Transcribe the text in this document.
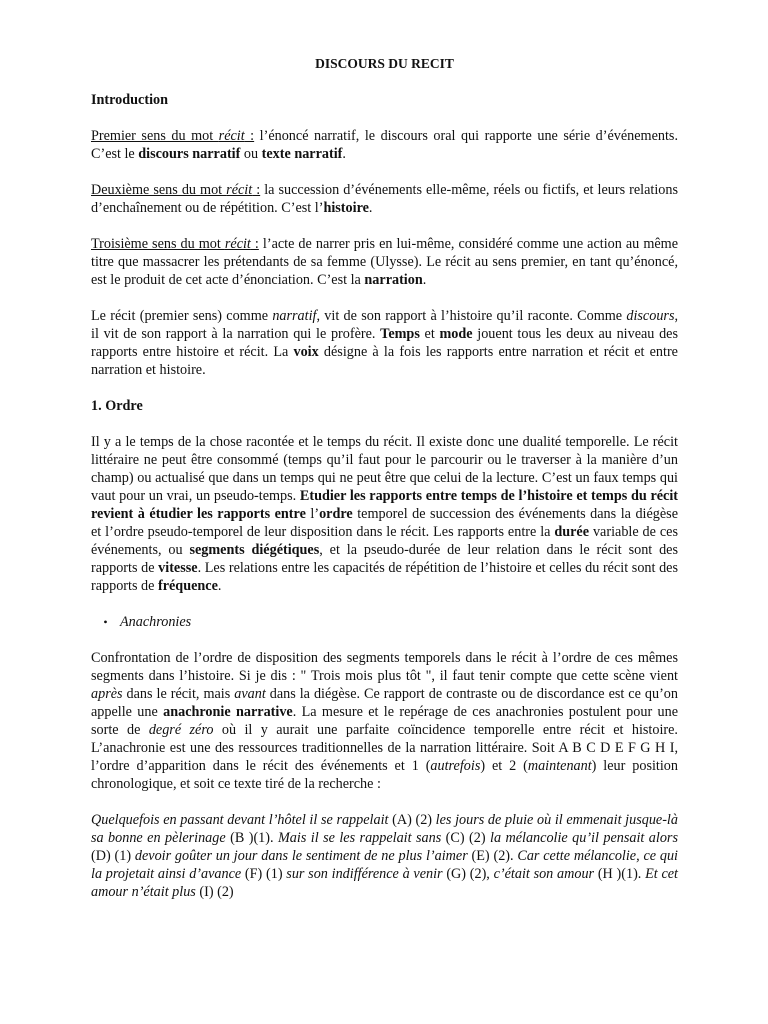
DISCOURS DU RECIT
Introduction

Premier sens du mot récit : l’énoncé narratif, le discours oral qui rapporte une série d’événements. C’est le discours narratif ou texte narratif.

Deuxième sens du mot récit : la succession d’événements elle-même, réels ou fictifs, et leurs relations d’enchaînement ou de répétition. C’est l’histoire.

Troisième sens du mot récit : l’acte de narrer pris en lui-même, considéré comme une action au même titre que massacrer les prétendants de sa femme (Ulysse). Le récit au sens premier, en tant qu’énoncé, est le produit de cet acte d’énonciation. C’est la narration.

Le récit (premier sens) comme narratif, vit de son rapport à l’histoire qu’il raconte. Comme discours, il vit de son rapport à la narration qui le profère. Temps et mode jouent tous les deux au niveau des rapports entre histoire et récit. La voix désigne à la fois les rapports entre narration et récit et entre narration et histoire.

1. Ordre

Il y a le temps de la chose racontée et le temps du récit. Il existe donc une dualité temporelle. Le récit littéraire ne peut être consommé (temps qu’il faut pour le parcourir ou le traverser à la manière d’un champ) ou actualisé que dans un temps qui ne peut être que celui de la lecture. C’est un faux temps qui vaut pour un vrai, un pseudo-temps. Etudier les rapports entre temps de l’histoire et temps du récit revient à étudier les rapports entre l’ordre temporel de succession des événements dans la diégèse et l’ordre pseudo-temporel de leur disposition dans le récit. Les rapports entre la durée variable de ces événements, ou segments diégétiques, et la pseudo-durée de leur relation dans le récit sont des rapports de vitesse. Les relations entre les capacités de répétition de l’histoire et celles du récit sont des rapports de fréquence.

• Anachronies

Confrontation de l’ordre de disposition des segments temporels dans le récit à l’ordre de ces mêmes segments dans l’histoire. Si je dis : " Trois mois plus tôt ", il faut tenir compte que cette scène vient après dans le récit, mais avant dans la diégèse. Ce rapport de contraste ou de discordance est ce qu’on appelle une anachronie narrative. La mesure et le repérage de ces anachronies postulent pour une sorte de degré zéro où il y aurait une parfaite coïncidence temporelle entre récit et histoire. L’anachronie est une des ressources traditionnelles de la narration littéraire. Soit A B C D E F G H I, l’ordre d’apparition dans le récit des événements et 1 (autrefois) et 2 (maintenant) leur position chronologique, et soit ce texte tiré de la recherche :

Quelquefois en passant devant l’hôtel il se rappelait (A) (2) les jours de pluie où il emmenait jusque-là sa bonne en pèlerinage (B )(1). Mais il se les rappelait sans (C) (2) la mélancolie qu’il pensait alors (D) (1) devoir goûter un jour dans le sentiment de ne plus l’aimer (E) (2). Car cette mélancolie, ce qui la projetait ainsi d’avance (F) (1) sur son indifférence à venir (G) (2), c’était son amour (H )(1). Et cet amour n’était plus (I) (2)
